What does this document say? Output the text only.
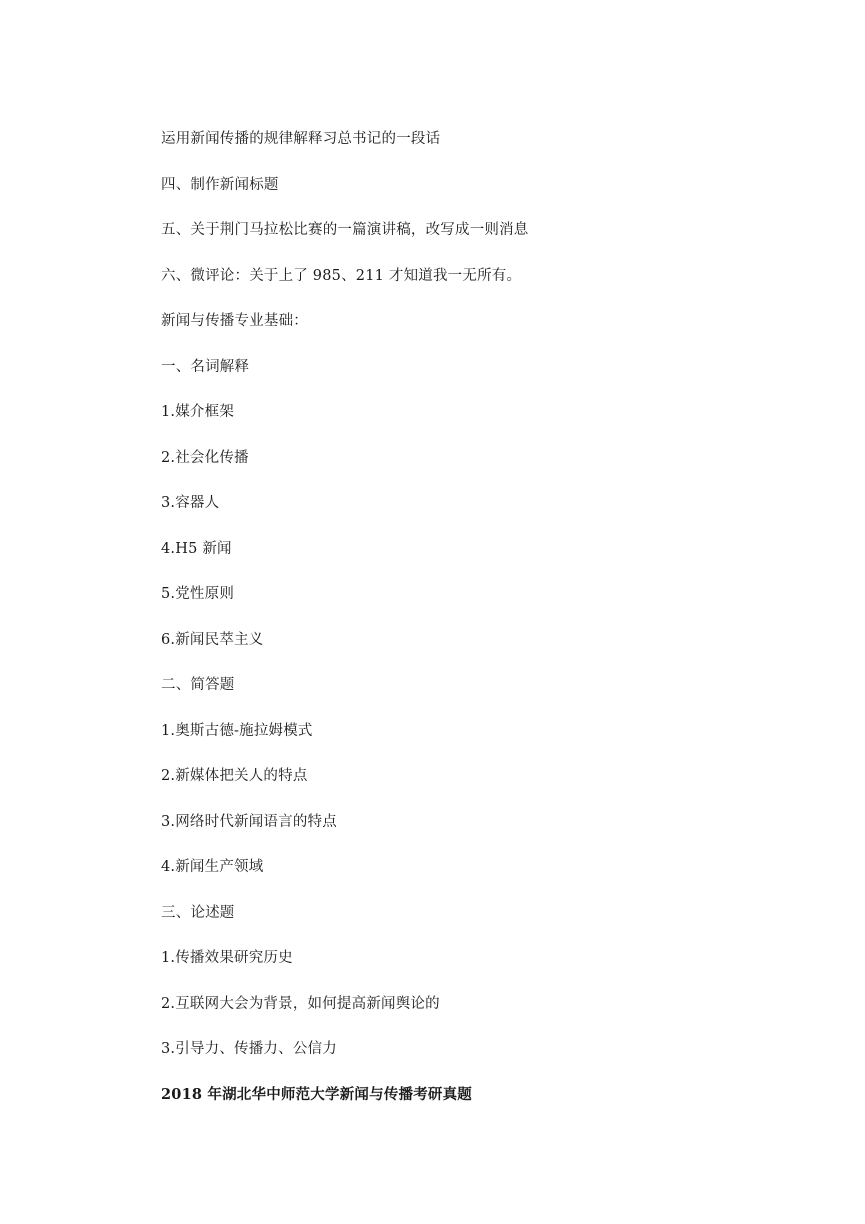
运用新闻传播的规律解释习总书记的一段话
四、制作新闻标题
五、关于荆门马拉松比赛的一篇演讲稿，改写成一则消息
六、微评论：关于上了 985、211 才知道我一无所有。
新闻与传播专业基础：
一、名词解释
1.媒介框架
2.社会化传播
3.容器人
4.H5 新闻
5.党性原则
6.新闻民萃主义
二、简答题
1.奥斯古德-施拉姆模式
2.新媒体把关人的特点
3.网络时代新闻语言的特点
4.新闻生产领域
三、论述题
1.传播效果研究历史
2.互联网大会为背景，如何提高新闻舆论的
3.引导力、传播力、公信力
2018 年湖北华中师范大学新闻与传播考研真题
